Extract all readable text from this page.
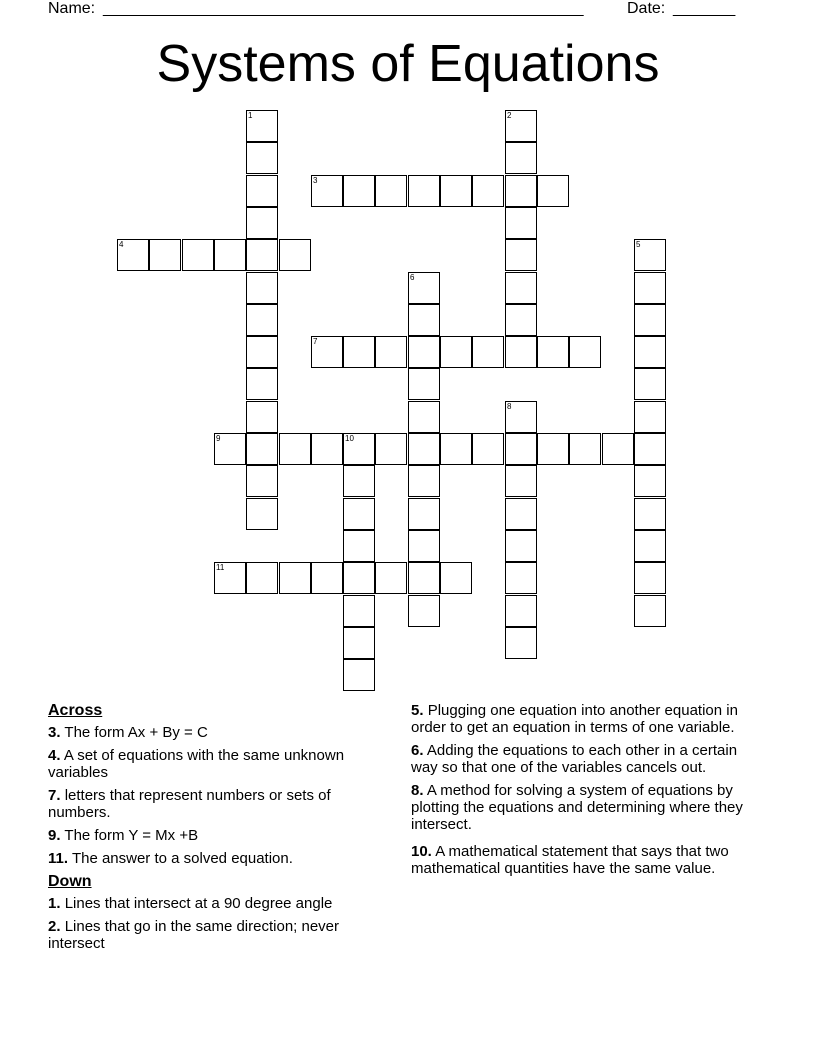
Name: ______________________________________________________	Date: _______
Systems of Equations
1	2
3
4	5
6
7
8
9	10
11
Across
3. The form Ax + By = C
4. A set of equations with the same unknown variables
7. letters that represent numbers or sets of numbers.
9. The form Y = Mx +B
11. The answer to a solved equation.
Down
1. Lines that intersect at a 90 degree angle
2. Lines that go in the same direction; never intersect
5. Plugging one equation into another equation in order to get an equation in terms of one variable.
6. Adding the equations to each other in a certain way so that one of the variables cancels out.
8. A method for solving a system of equations by plotting the equations and determining where they intersect.
10. A mathematical statement that says that two mathematical quantities have the same value.
